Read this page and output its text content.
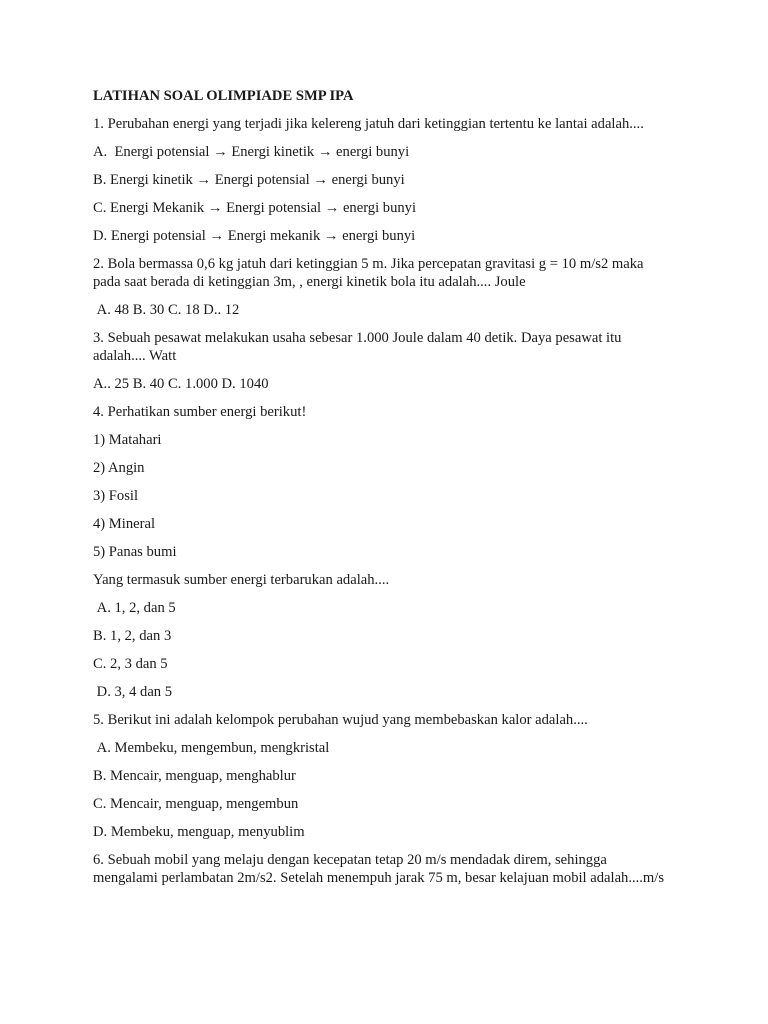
LATIHAN SOAL OLIMPIADE SMP IPA
1. Perubahan energi yang terjadi jika kelereng jatuh dari ketinggian tertentu ke lantai adalah....
A.  Energi potensial → Energi kinetik → energi bunyi
B. Energi kinetik → Energi potensial → energi bunyi
C. Energi Mekanik → Energi potensial → energi bunyi
D. Energi potensial → Energi mekanik → energi bunyi
2. Bola bermassa 0,6 kg jatuh dari ketinggian 5 m. Jika percepatan gravitasi g = 10 m/s2 maka pada saat berada di ketinggian 3m, , energi kinetik bola itu adalah.... Joule
A. 48 B. 30 C. 18 D.. 12
3. Sebuah pesawat melakukan usaha sebesar 1.000 Joule dalam 40 detik. Daya pesawat itu adalah.... Watt
A.. 25 B. 40 C. 1.000 D. 1040
4. Perhatikan sumber energi berikut!
1) Matahari
2) Angin
3) Fosil
4) Mineral
5) Panas bumi
Yang termasuk sumber energi terbarukan adalah....
A. 1, 2, dan 5
B. 1, 2, dan 3
C. 2, 3 dan 5
D. 3, 4 dan 5
5. Berikut ini adalah kelompok perubahan wujud yang membebaskan kalor adalah....
A. Membeku, mengembun, mengkristal
B. Mencair, menguap, menghablur
C. Mencair, menguap, mengembun
D. Membeku, menguap, menyublim
6. Sebuah mobil yang melaju dengan kecepatan tetap 20 m/s mendadak direm, sehingga mengalami perlambatan 2m/s2. Setelah menempuh jarak 75 m, besar kelajuan mobil adalah....m/s
